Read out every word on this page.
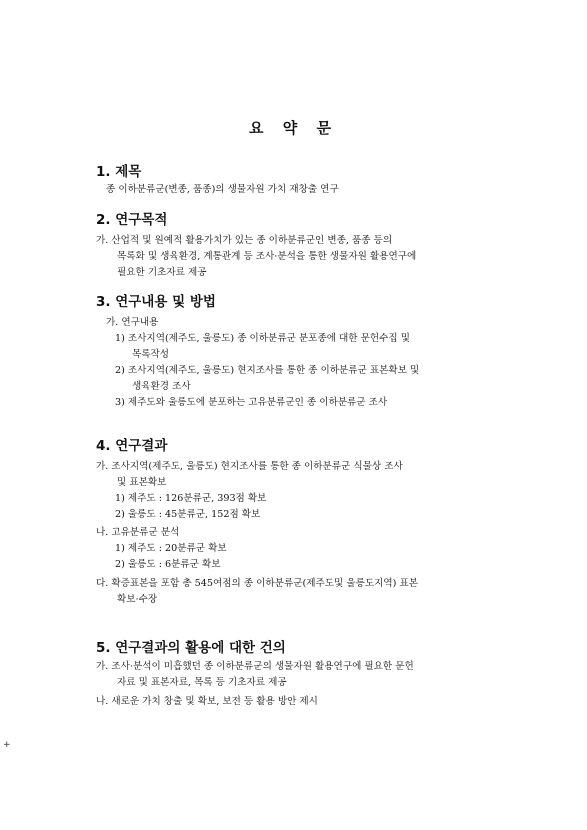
요 약 문
1. 제목
종 이하분류군(변종, 품종)의 생물자원 가치 재창출 연구
2. 연구목적
가. 산업적 및 원예적 활용가치가 있는 종 이하분류군인 변종, 품종 등의
목록화 및 생육환경, 계통관계 등 조사·분석을 통한 생물자원 활용연구에
필요한 기초자료 제공
3. 연구내용 및 방법
가. 연구내용
1) 조사지역(제주도, 울릉도) 종 이하분류군 분포종에 대한 문헌수집 및
목록작성
2) 조사지역(제주도, 울릉도) 현지조사를 통한 종 이하분류군 표본확보 및
생육환경 조사
3) 제주도와 울릉도에 분포하는 고유분류군인 종 이하분류군 조사
4. 연구결과
가. 조사지역(제주도, 울릉도) 현지조사를 통한 종 이하분류군 식물상 조사
및 표본확보
1) 제주도 : 126분류군, 393점 확보
2) 울릉도 : 45분류군, 152점 확보
나. 고유분류군 분석
1) 제주도 : 20분류군 확보
2) 울릉도 : 6분류군 확보
다. 확증표본을 포함 총 545여점의 종 이하분류군(제주도및 울릉도지역) 표본
확보·수장
5. 연구결과의 활용에 대한 건의
가. 조사·분석이 미흡했던 종 이하분류군의 생물자원 활용연구에 필요한 문헌
자료 및 표본자료, 목록 등 기초자료 제공
나. 새로운 가치 창출 및 확보, 보전 등 활용 방안 제시
+
